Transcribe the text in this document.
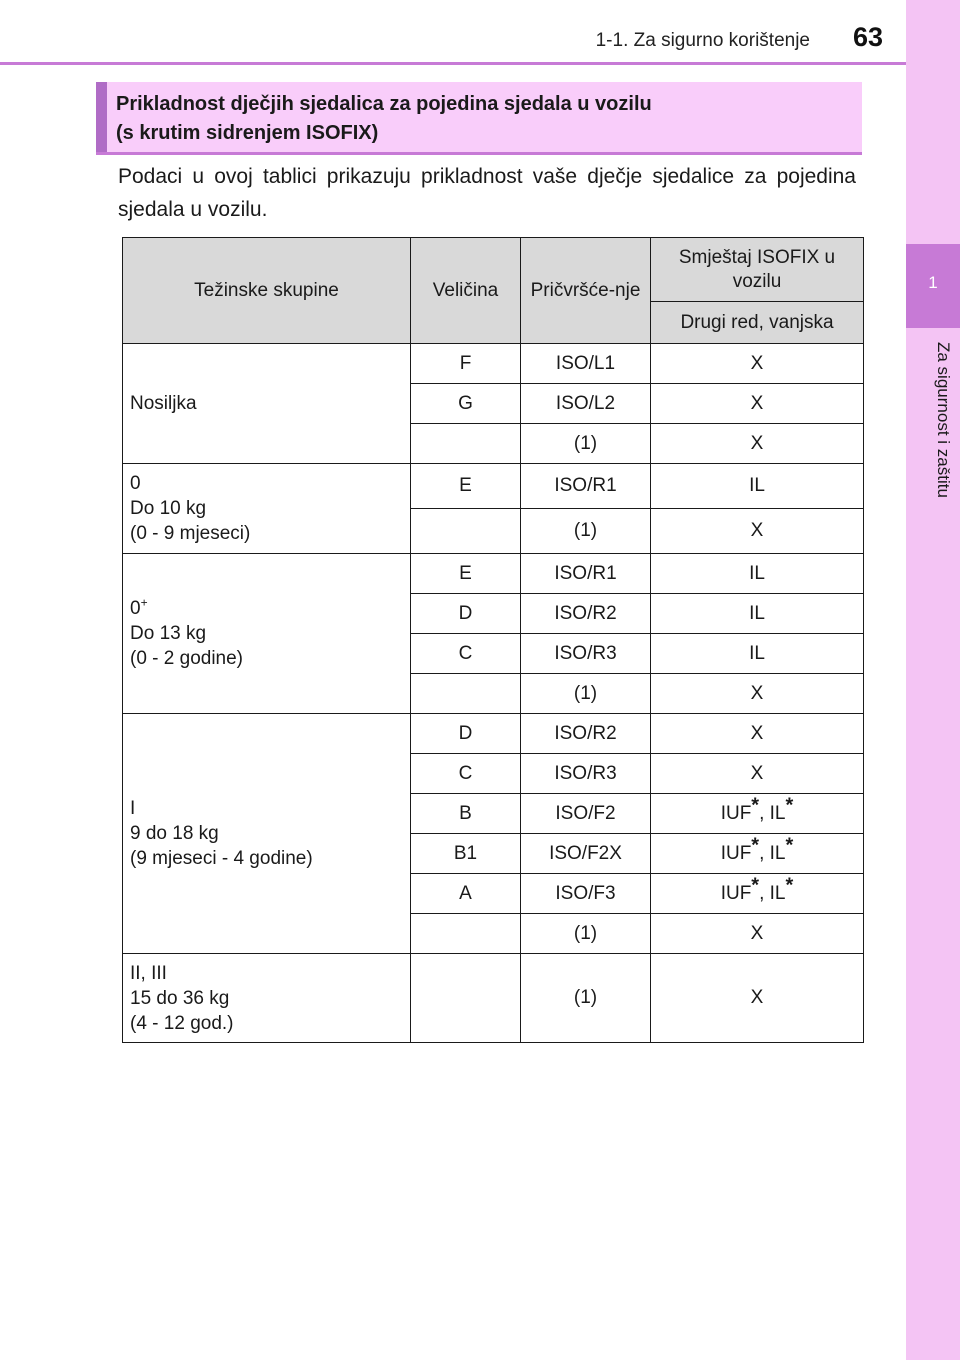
1-1. Za sigurno korištenje	63
1
Za sigurnost i zaštitu
Prikladnost dječjih sjedalica za pojedina sjedala u vozilu
(s krutim sidrenjem ISOFIX)
Podaci u ovoj tablici prikazuju prikladnost vaše dječje sjedalice za pojedina sjedala u vozilu.
Težinske skupine	Veličina	Pričvršće-nje	Smještaj ISOFIX u vozilu
			Drugi red, vanjska

Nosiljka	F	ISO/L1	X
	G	ISO/L2	X
		(1)	X

0
Do 10 kg
(0 - 9 mjeseci)	E	ISO/R1	IL
		(1)	X

0+
Do 13 kg
(0 - 2 godine)	E	ISO/R1	IL
	D	ISO/R2	IL
	C	ISO/R3	IL
		(1)	X

I
9 do 18 kg
(9 mjeseci - 4 godine)	D	ISO/R2	X
	C	ISO/R3	X
	B	ISO/F2	IUF*, IL*
	B1	ISO/F2X	IUF*, IL*
	A	ISO/F3	IUF*, IL*
		(1)	X

II, III
15 do 36 kg
(4 - 12 god.)		(1)	X
